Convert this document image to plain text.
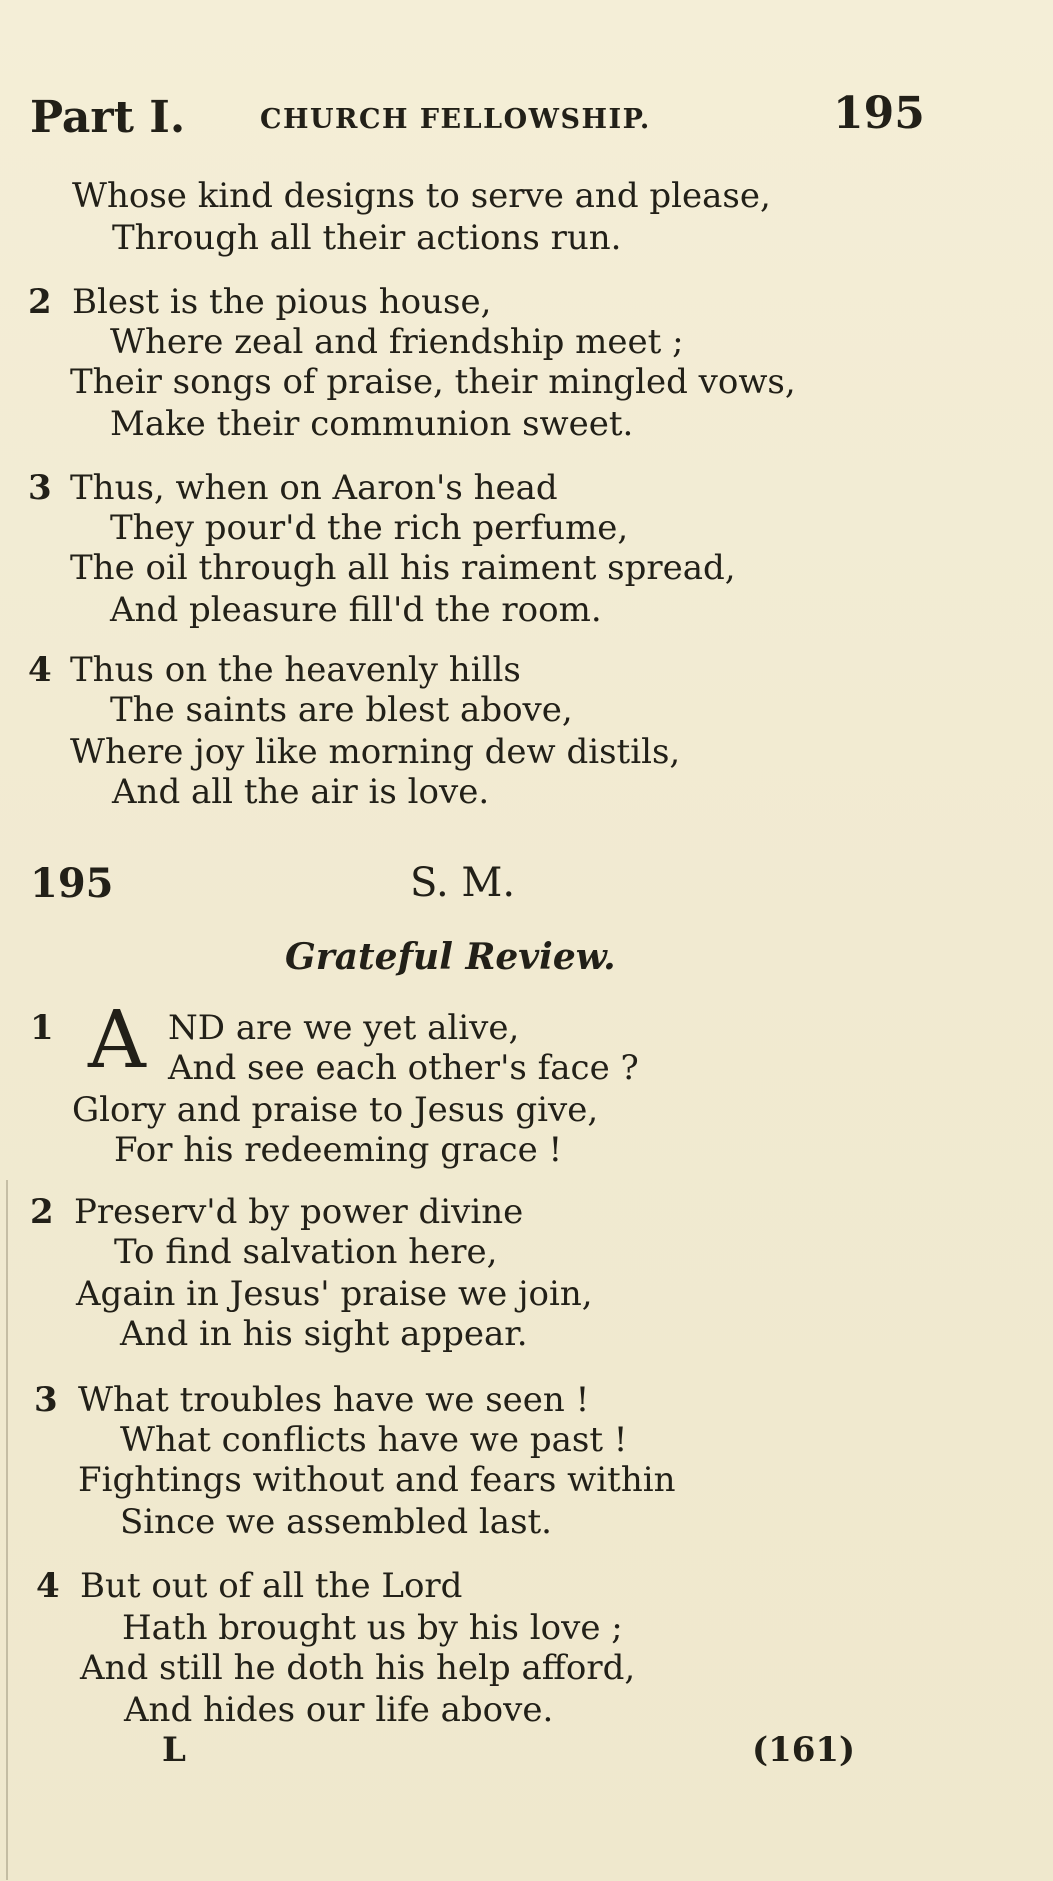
Part I.	CHURCH FELLOWSHIP.	195
Whose kind designs to serve and please,
Through all their actions run.
2 Blest is the pious house,
Where zeal and friendship meet ;
Their songs of praise, their mingled vows,
Make their communion sweet.
3 Thus, when on Aaron's head
They pour'd the rich perfume,
The oil through all his raiment spread,
And pleasure fill'd the room.
4 Thus on the heavenly hills
The saints are blest above,
Where joy like morning dew distils,
And all the air is love.
195	S. M.
Grateful Review.
1 A ND are we yet alive,
And see each other's face ?
Glory and praise to Jesus give,
For his redeeming grace !
2 Preserv'd by power divine
To find salvation here,
Again in Jesus' praise we join,
And in his sight appear.
3 What troubles have we seen !
What conflicts have we past !
Fightings without and fears within
Since we assembled last.
4 But out of all the Lord
Hath brought us by his love ;
And still he doth his help afford,
And hides our life above.
L	(161)
